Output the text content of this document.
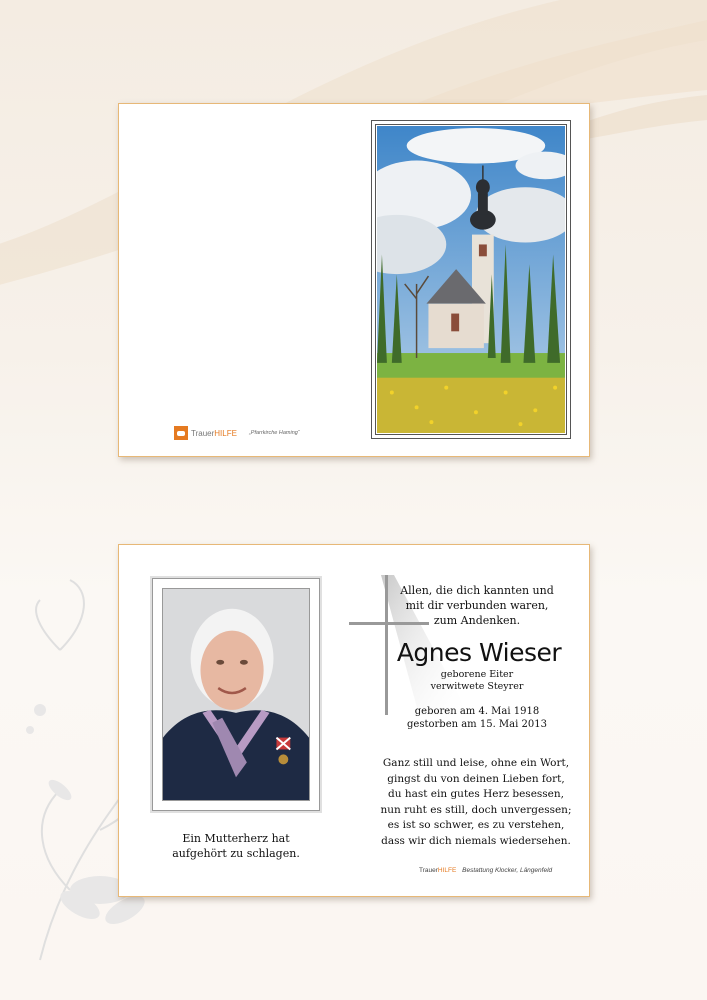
Trauer HILFE „Pfarrkirche Haming“
Ein Mutterherz hat
aufgehört zu schlagen.
Allen, die dich kannten und
mit dir verbunden waren,
zum Andenken.
Agnes Wieser
geborene Eiter
verwitwete Steyrer
geboren am 4. Mai 1918
gestorben am 15. Mai 2013
Ganz still und leise, ohne ein Wort,
gingst du von deinen Lieben fort,
du hast ein gutes Herz besessen,
nun ruht es still, doch unvergessen;
es ist so schwer, es zu verstehen,
dass wir dich niemals wiedersehen.
TrauerHILFE Bestattung Klocker, Längenfeld
